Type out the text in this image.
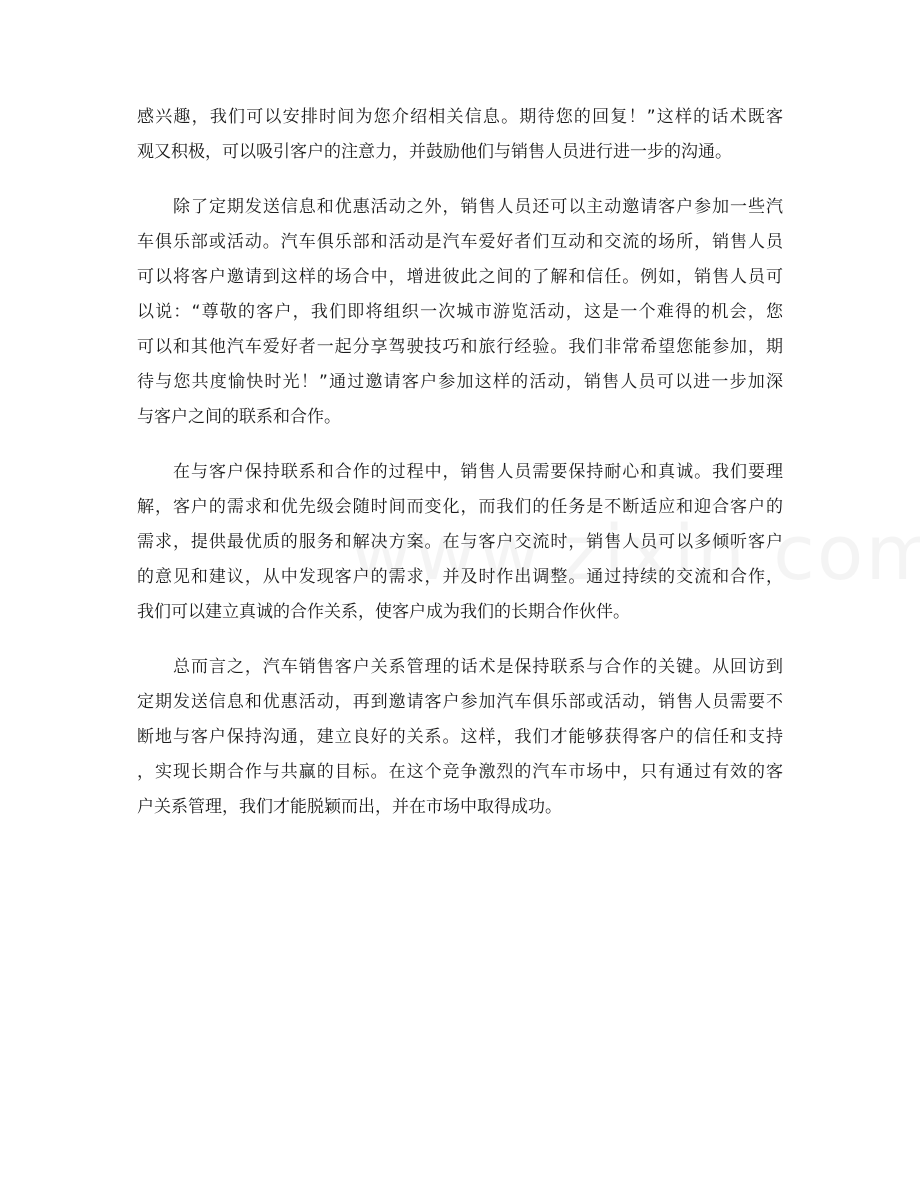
感兴趣，我们可以安排时间为您介绍相关信息。期待您的回复！”这样的话术既客
观又积极，可以吸引客户的注意力，并鼓励他们与销售人员进行进一步的沟通。
除了定期发送信息和优惠活动之外，销售人员还可以主动邀请客户参加一些汽
车俱乐部或活动。汽车俱乐部和活动是汽车爱好者们互动和交流的场所，销售人员
可以将客户邀请到这样的场合中，增进彼此之间的了解和信任。例如，销售人员可
以说：“尊敬的客户，我们即将组织一次城市游览活动，这是一个难得的机会，您
可以和其他汽车爱好者一起分享驾驶技巧和旅行经验。我们非常希望您能参加，期
待与您共度愉快时光！”通过邀请客户参加这样的活动，销售人员可以进一步加深
与客户之间的联系和合作。
在与客户保持联系和合作的过程中，销售人员需要保持耐心和真诚。我们要理
解，客户的需求和优先级会随时间而变化，而我们的任务是不断适应和迎合客户的
需求，提供最优质的服务和解决方案。在与客户交流时，销售人员可以多倾听客户
的意见和建议，从中发现客户的需求，并及时作出调整。通过持续的交流和合作，
我们可以建立真诚的合作关系，使客户成为我们的长期合作伙伴。
总而言之，汽车销售客户关系管理的话术是保持联系与合作的关键。从回访到
定期发送信息和优惠活动，再到邀请客户参加汽车俱乐部或活动，销售人员需要不
断地与客户保持沟通，建立良好的关系。这样，我们才能够获得客户的信任和支持
，实现长期合作与共赢的目标。在这个竞争激烈的汽车市场中，只有通过有效的客
户关系管理，我们才能脱颖而出，并在市场中取得成功。
